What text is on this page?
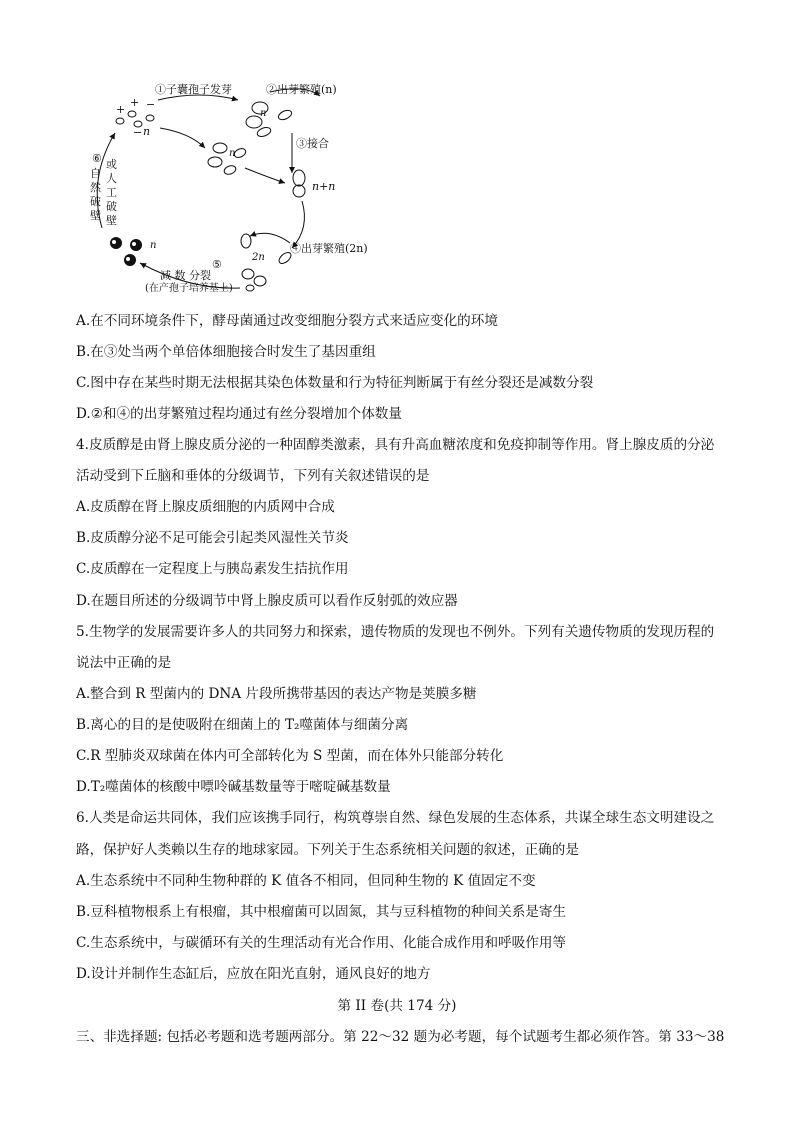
+
+ −
− n
①子囊孢子发芽
n
②出芽繁殖(n)
n
③接合
n+n
④出芽繁殖(2n)
2n
⑤
减 数 分裂
(在产孢子培养基上)
n
⑥
自
然
破
壁
或
人
工
破
壁
A.在不同环境条件下，酵母菌通过改变细胞分裂方式来适应变化的环境
B.在③处当两个单倍体细胞接合时发生了基因重组
C.图中存在某些时期无法根据其染色体数量和行为特征判断属于有丝分裂还是减数分裂
D.②和④的出芽繁殖过程均通过有丝分裂增加个体数量
4.皮质醇是由肾上腺皮质分泌的一种固醇类激素，具有升高血糖浓度和免疫抑制等作用。肾上腺皮质的分泌
活动受到下丘脑和垂体的分级调节，下列有关叙述错误的是
A.皮质醇在肾上腺皮质细胞的内质网中合成
B.皮质醇分泌不足可能会引起类风湿性关节炎
C.皮质醇在一定程度上与胰岛素发生拮抗作用
D.在题目所述的分级调节中肾上腺皮质可以看作反射弧的效应器
5.生物学的发展需要许多人的共同努力和探索，遗传物质的发现也不例外。下列有关遗传物质的发现历程的
说法中正确的是
A.整合到 R 型菌内的 DNA 片段所携带基因的表达产物是荚膜多糖
B.离心的目的是使吸附在细菌上的 T₂噬菌体与细菌分离
C.R 型肺炎双球菌在体内可全部转化为 S 型菌，而在体外只能部分转化
D.T₂噬菌体的核酸中嘌呤碱基数量等于嘧啶碱基数量
6.人类是命运共同体，我们应该携手同行，构筑尊崇自然、绿色发展的生态体系，共谋全球生态文明建设之
路，保护好人类赖以生存的地球家园。下列关于生态系统相关问题的叙述，正确的是
A.生态系统中不同种生物种群的 K 值各不相同，但同种生物的 K 值固定不变
B.豆科植物根系上有根瘤，其中根瘤菌可以固氮，其与豆科植物的种间关系是寄生
C.生态系统中，与碳循环有关的生理活动有光合作用、化能合成作用和呼吸作用等
D.设计并制作生态缸后，应放在阳光直射，通风良好的地方
第 II 卷(共 174 分)
三、非选择题: 包括必考题和选考题两部分。第 22～32 题为必考题，每个试题考生都必须作答。第 33～38
